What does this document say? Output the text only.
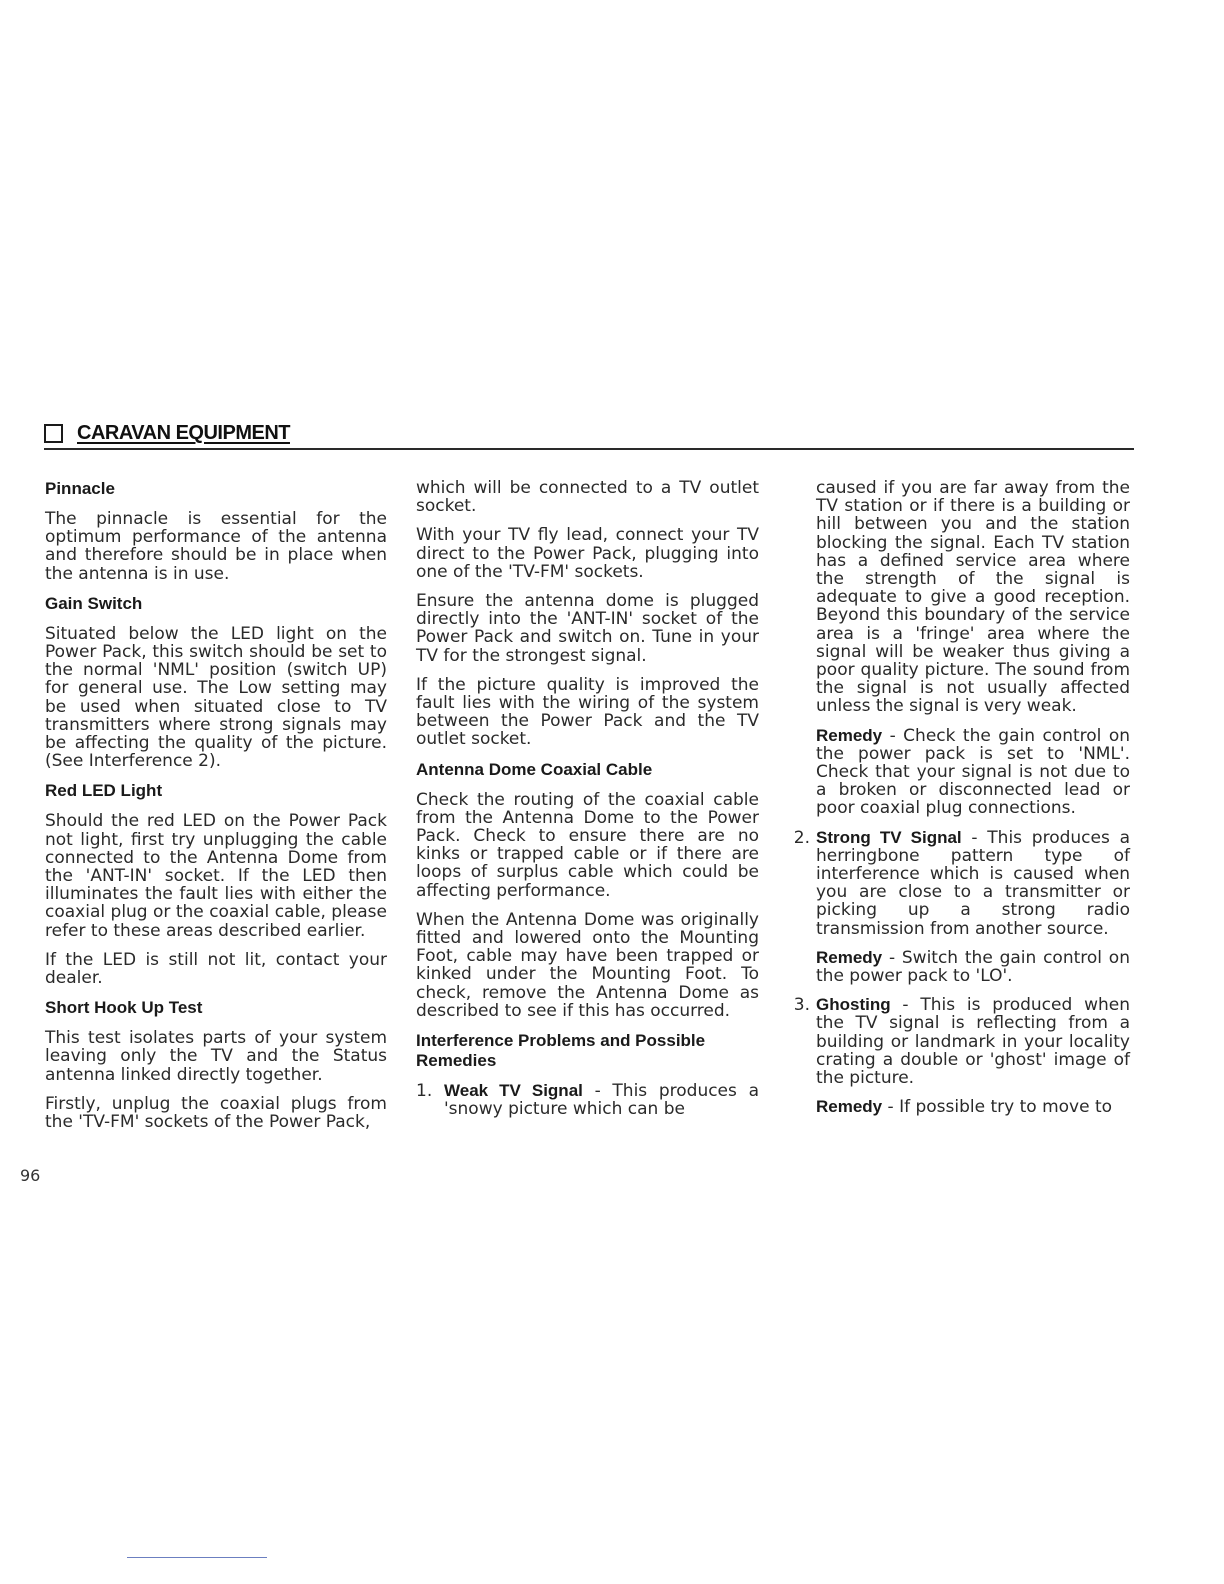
CARAVAN EQUIPMENT
Pinnacle

The pinnacle is essential for the optimum performance of the antenna and therefore should be in place when the antenna is in use.

Gain Switch

Situated below the LED light on the Power Pack, this switch should be set to the normal 'NML' position (switch UP) for general use. The Low setting may be used when situated close to TV transmitters where strong signals may be affecting the quality of the picture. (See Interference 2).

Red LED Light

Should the red LED on the Power Pack not light, first try unplugging the cable connected to the Antenna Dome from the 'ANT-IN' socket. If the LED then illuminates the fault lies with either the coaxial plug or the coaxial cable, please refer to these areas described earlier.

If the LED is still not lit, contact your dealer.

Short Hook Up Test

This test isolates parts of your system leaving only the TV and the Status antenna linked directly together.

Firstly, unplug the coaxial plugs from the 'TV-FM' sockets of the Power Pack,

which will be connected to a TV outlet socket.

With your TV fly lead, connect your TV direct to the Power Pack, plugging into one of the 'TV-FM' sockets.

Ensure the antenna dome is plugged directly into the 'ANT-IN' socket of the Power Pack and switch on. Tune in your TV for the strongest signal.

If the picture quality is improved the fault lies with the wiring of the system between the Power Pack and the TV outlet socket.

Antenna Dome Coaxial Cable

Check the routing of the coaxial cable from the Antenna Dome to the Power Pack. Check to ensure there are no kinks or trapped cable or if there are loops of surplus cable which could be affecting performance.

When the Antenna Dome was originally fitted and lowered onto the Mounting Foot, cable may have been trapped or kinked under the Mounting Foot. To check, remove the Antenna Dome as described to see if this has occurred.

Interference Problems and Possible Remedies
1. Weak TV Signal - This produces a 'snowy picture which can be

caused if you are far away from the TV station or if there is a building or hill between you and the station blocking the signal. Each TV station has a defined service area where the strength of the signal is adequate to give a good reception. Beyond this boundary of the service area is a 'fringe' area where the signal will be weaker thus giving a poor quality picture. The sound from the signal is not usually affected unless the signal is very weak.

Remedy - Check the gain control on the power pack is set to 'NML'. Check that your signal is not due to a broken or disconnected lead or poor coaxial plug connections.

2. Strong TV Signal - This produces a herringbone pattern type of interference which is caused when you are close to a transmitter or picking up a strong radio transmission from another source.

Remedy - Switch the gain control on the power pack to 'LO'.

3. Ghosting - This is produced when the TV signal is reflecting from a building or landmark in your locality crating a double or 'ghost' image of the picture.

Remedy - If possible try to move to

96
